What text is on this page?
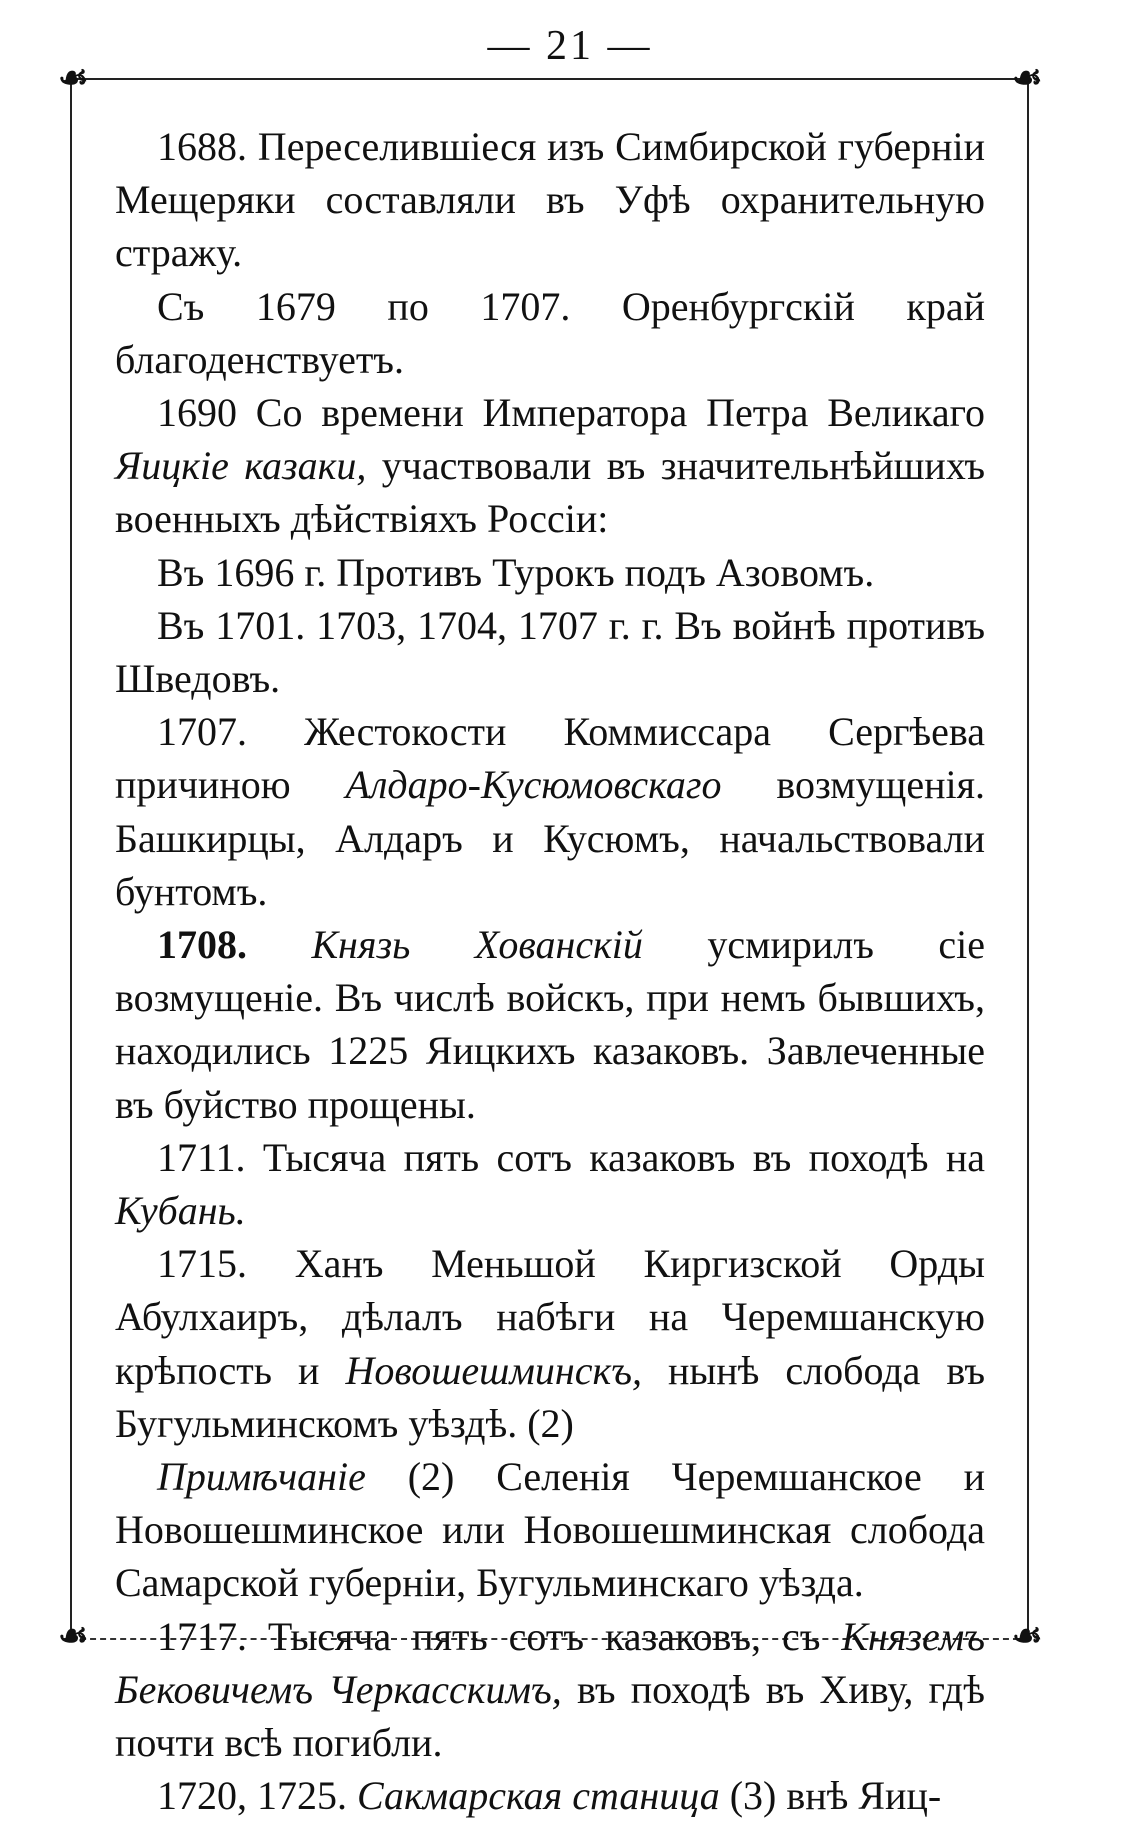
— 21 —
☙	☙
☙	☙

1688. Переселившіеся изъ Симбирской губерніи Мещеряки составляли въ Уфѣ охранительную стражу.

Съ 1679 по 1707. Оренбургскій край благоденствуетъ.

1690 Со времени Императора Петра Великаго Яицкіе казаки, участвовали въ значительнѣйшихъ военныхъ дѣйствіяхъ Россіи:

Въ 1696 г. Противъ Турокъ подъ Азовомъ.

Въ 1701. 1703, 1704, 1707 г. г. Въ войнѣ противъ Шведовъ.

1707. Жестокости Коммиссара Сергѣева причиною Алдаро-Кусюмовскаго возмущенія. Башкирцы, Алдаръ и Кусюмъ, начальствовали бунтомъ.

1708. Князь Хованскій усмирилъ сіе возмущеніе. Въ числѣ войскъ, при немъ бывшихъ, находились 1225 Яицкихъ казаковъ. Завлеченные въ буйство прощены.

1711. Тысяча пять сотъ казаковъ въ походѣ на Кубань.

1715. Ханъ Меньшой Киргизской Орды Абулхаиръ, дѣлалъ набѣги на Черемшанскую крѣпость и Новошешминскъ, нынѣ слобода въ Бугульминскомъ уѣздѣ. (2)

Примѣчаніе (2) Селенія Черемшанское и Новошешминское или Новошешминская слобода Самарской губерніи, Бугульминскаго уѣзда.

1717. Тысяча пять сотъ казаковъ, съ Княземъ Бековичемъ Черкасскимъ, въ походѣ въ Хиву, гдѣ почти всѣ погибли.

1720, 1725. Сакмарская станица (3) внѣ Яиц-
